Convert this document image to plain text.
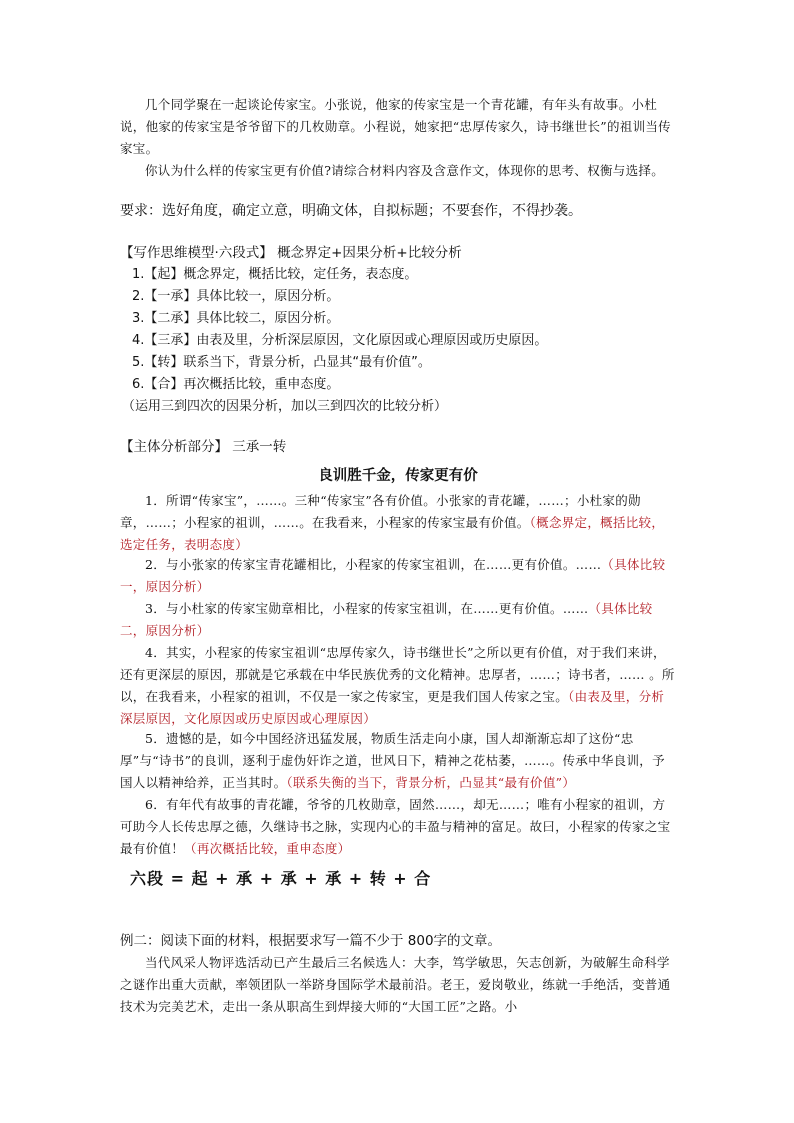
几个同学聚在一起谈论传家宝。小张说，他家的传家宝是一个青花罐，有年头有故事。小杜说，他家的传家宝是爷爷留下的几枚勋章。小程说，她家把“忠厚传家久，诗书继世长”的祖训当传家宝。

你认为什么样的传家宝更有价值?请综合材料内容及含意作文，体现你的思考、权衡与选择。

要求：选好角度，确定立意，明确文体，自拟标题；不要套作，不得抄袭。

【写作思维模型·六段式】 概念界定+因果分析+比较分析

1.【起】概念界定，概括比较，定任务，表态度。
2.【一承】具体比较一，原因分析。
3.【二承】具体比较二，原因分析。
4.【三承】由表及里，分析深层原因，文化原因或心理原因或历史原因。
5.【转】联系当下，背景分析，凸显其“最有价值”。
6.【合】再次概括比较，重申态度。

（运用三到四次的因果分析，加以三到四次的比较分析）

【主体分析部分】 三承一转

良训胜千金，传家更有价

1．所谓“传家宝”，……。三种“传家宝”各有价值。小张家的青花罐，……；小杜家的勋章，……；小程家的祖训，……。在我看来，小程家的传家宝最有价值。（概念界定，概括比较，选定任务，表明态度）

2．与小张家的传家宝青花罐相比，小程家的传家宝祖训，在……更有价值。……（具体比较一，原因分析）

3．与小杜家的传家宝勋章相比，小程家的传家宝祖训，在……更有价值。……（具体比较二，原因分析）

4．其实，小程家的传家宝祖训“忠厚传家久，诗书继世长”之所以更有价值，对于我们来讲，还有更深层的原因，那就是它承载在中华民族优秀的文化精神。忠厚者，……；诗书者，…… 。所以，在我看来，小程家的祖训，不仅是一家之传家宝，更是我们国人传家之宝。（由表及里，分析深层原因，文化原因或历史原因或心理原因）

5．遗憾的是，如今中国经济迅猛发展，物质生活走向小康，国人却渐渐忘却了这份“忠厚”与“诗书”的良训，逐利于虚伪奸诈之道，世风日下，精神之花枯萎，……。传承中华良训，予国人以精神给养，正当其时。（联系失衡的当下，背景分析，凸显其“最有价值”）

6．有年代有故事的青花罐，爷爷的几枚勋章，固然……，却无……；唯有小程家的祖训，方可助今人长传忠厚之德，久继诗书之脉，实现内心的丰盈与精神的富足。故曰，小程家的传家之宝最有价值！（再次概括比较，重申态度）

六段 = 起 + 承 + 承 + 承 + 转 + 合

例二：阅读下面的材料，根据要求写一篇不少于 800字的文章。

当代风采人物评选活动已产生最后三名候选人：大李，笃学敏思，矢志创新，为破解生命科学之谜作出重大贡献，率领团队一举跻身国际学术最前沿。老王，爱岗敬业，练就一手绝活，变普通技术为完美艺术，走出一条从职高生到焊接大师的“大国工匠”之路。小
